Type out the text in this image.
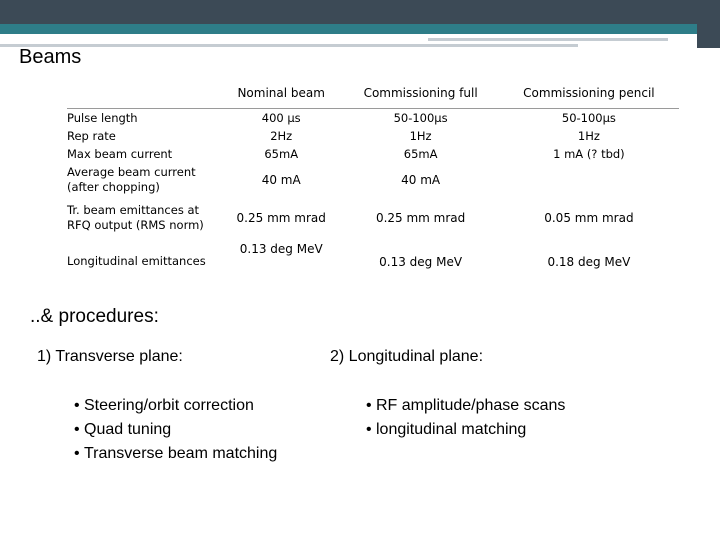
Beams
	Nominal beam	Commissioning full	Commissioning pencil
Pulse length	400 µs	50-100µs	50-100µs
Rep rate	2Hz	1Hz	1Hz
Max beam current	65mA	65mA	1 mA (? tbd)
Average beam current (after chopping)	40 mA	40 mA	
Tr. beam emittances at RFQ output (RMS norm)	0.25 mm mrad	0.25 mm mrad	0.05 mm mrad
Longitudinal emittances	0.13 deg MeV	0.13 deg MeV	0.18 deg MeV
..& procedures:
1) Transverse plane:	2) Longitudinal plane:
• Steering/orbit correction
• Quad tuning
• Transverse beam matching
• RF amplitude/phase scans
• longitudinal matching
